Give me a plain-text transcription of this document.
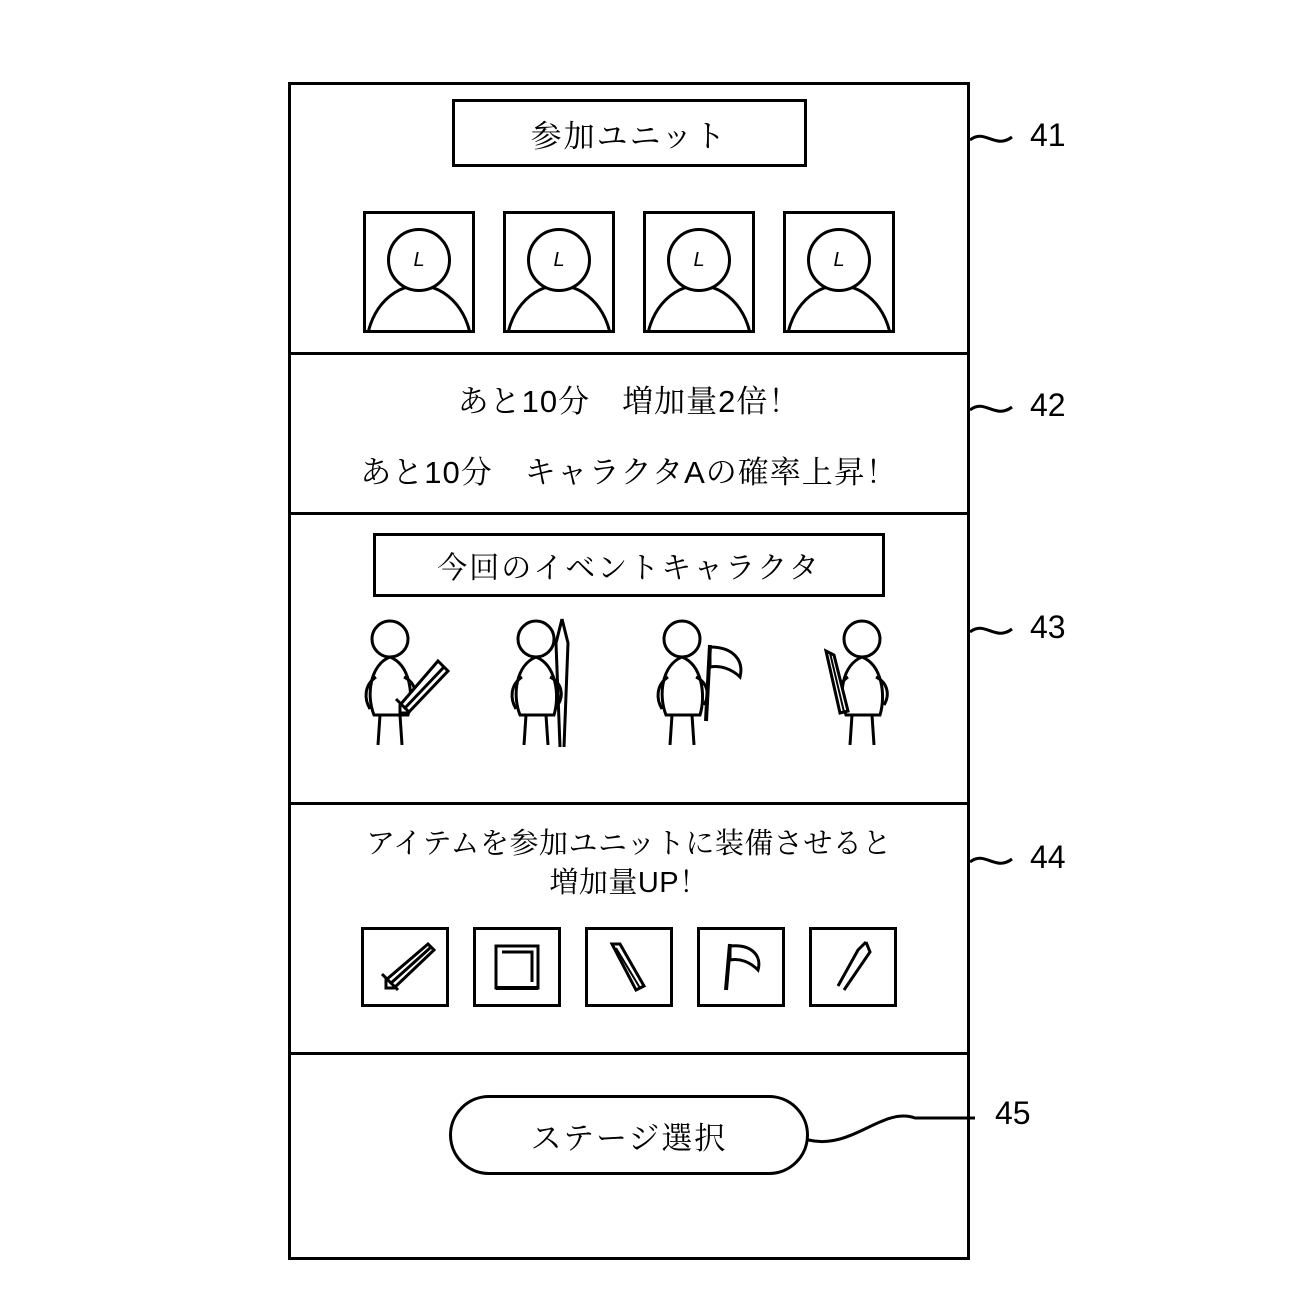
41
42
43
44
45
参加ユニット
L	L	L	L
あと10分　増加量2倍！
あと10分　キャラクタAの確率上昇！
今回のイベントキャラクタ
アイテムを参加ユニットに装備させると
増加量UP！
ステージ選択
